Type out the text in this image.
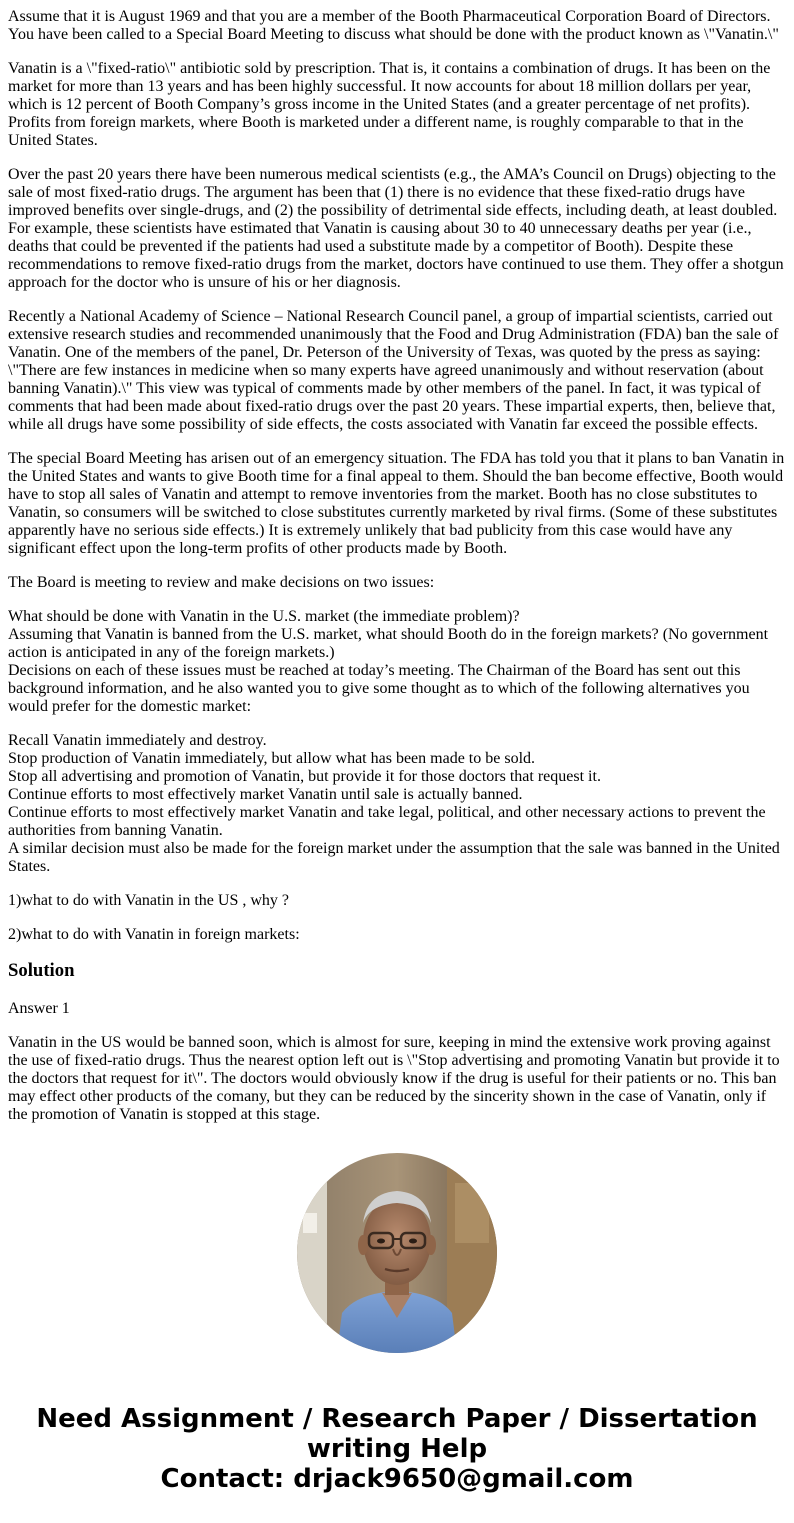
Assume that it is August 1969 and that you are a member of the Booth Pharmaceutical Corporation Board of Directors. You have been called to a Special Board Meeting to discuss what should be done with the product known as \"Vanatin.\"

Vanatin is a \"fixed-ratio\" antibiotic sold by prescription. That is, it contains a combination of drugs. It has been on the market for more than 13 years and has been highly successful. It now accounts for about 18 million dollars per year, which is 12 percent of Booth Company’s gross income in the United States (and a greater percentage of net profits). Profits from foreign markets, where Booth is marketed under a different name, is roughly comparable to that in the United States.

Over the past 20 years there have been numerous medical scientists (e.g., the AMA’s Council on Drugs) objecting to the sale of most fixed-ratio drugs. The argument has been that (1) there is no evidence that these fixed-ratio drugs have improved benefits over single-drugs, and (2) the possibility of detrimental side effects, including death, at least doubled. For example, these scientists have estimated that Vanatin is causing about 30 to 40 unnecessary deaths per year (i.e., deaths that could be prevented if the patients had used a substitute made by a competitor of Booth). Despite these recommendations to remove fixed-ratio drugs from the market, doctors have continued to use them. They offer a shotgun approach for the doctor who is unsure of his or her diagnosis.

Recently a National Academy of Science – National Research Council panel, a group of impartial scientists, carried out extensive research studies and recommended unanimously that the Food and Drug Administration (FDA) ban the sale of Vanatin. One of the members of the panel, Dr. Peterson of the University of Texas, was quoted by the press as saying: \"There are few instances in medicine when so many experts have agreed unanimously and without reservation (about banning Vanatin).\" This view was typical of comments made by other members of the panel. In fact, it was typical of comments that had been made about fixed-ratio drugs over the past 20 years. These impartial experts, then, believe that, while all drugs have some possibility of side effects, the costs associated with Vanatin far exceed the possible effects.

The special Board Meeting has arisen out of an emergency situation. The FDA has told you that it plans to ban Vanatin in the United States and wants to give Booth time for a final appeal to them. Should the ban become effective, Booth would have to stop all sales of Vanatin and attempt to remove inventories from the market. Booth has no close substitutes to Vanatin, so consumers will be switched to close substitutes currently marketed by rival firms. (Some of these substitutes apparently have no serious side effects.) It is extremely unlikely that bad publicity from this case would have any significant effect upon the long-term profits of other products made by Booth.

The Board is meeting to review and make decisions on two issues:

What should be done with Vanatin in the U.S. market (the immediate problem)?
Assuming that Vanatin is banned from the U.S. market, what should Booth do in the foreign markets? (No government action is anticipated in any of the foreign markets.)
Decisions on each of these issues must be reached at today’s meeting. The Chairman of the Board has sent out this background information, and he also wanted you to give some thought as to which of the following alternatives you would prefer for the domestic market:

Recall Vanatin immediately and destroy.
Stop production of Vanatin immediately, but allow what has been made to be sold.
Stop all advertising and promotion of Vanatin, but provide it for those doctors that request it.
Continue efforts to most effectively market Vanatin until sale is actually banned.
Continue efforts to most effectively market Vanatin and take legal, political, and other necessary actions to prevent the authorities from banning Vanatin.
A similar decision must also be made for the foreign market under the assumption that the sale was banned in the United States.

1)what to do with Vanatin in the US , why ?

2)what to do with Vanatin in foreign markets:

Solution

Answer 1

Vanatin in the US would be banned soon, which is almost for sure, keeping in mind the extensive work proving against the use of fixed-ratio drugs. Thus the nearest option left out is \"Stop advertising and promoting Vanatin but provide it to the doctors that request for it\". The doctors would obviously know if the drug is useful for their patients or no. This ban may effect other products of the comany, but they can be reduced by the sincerity shown in the case of Vanatin, only if the promotion of Vanatin is stopped at this stage.

Need Assignment / Research Paper / Dissertation
writing Help
Contact: drjack9650@gmail.com
